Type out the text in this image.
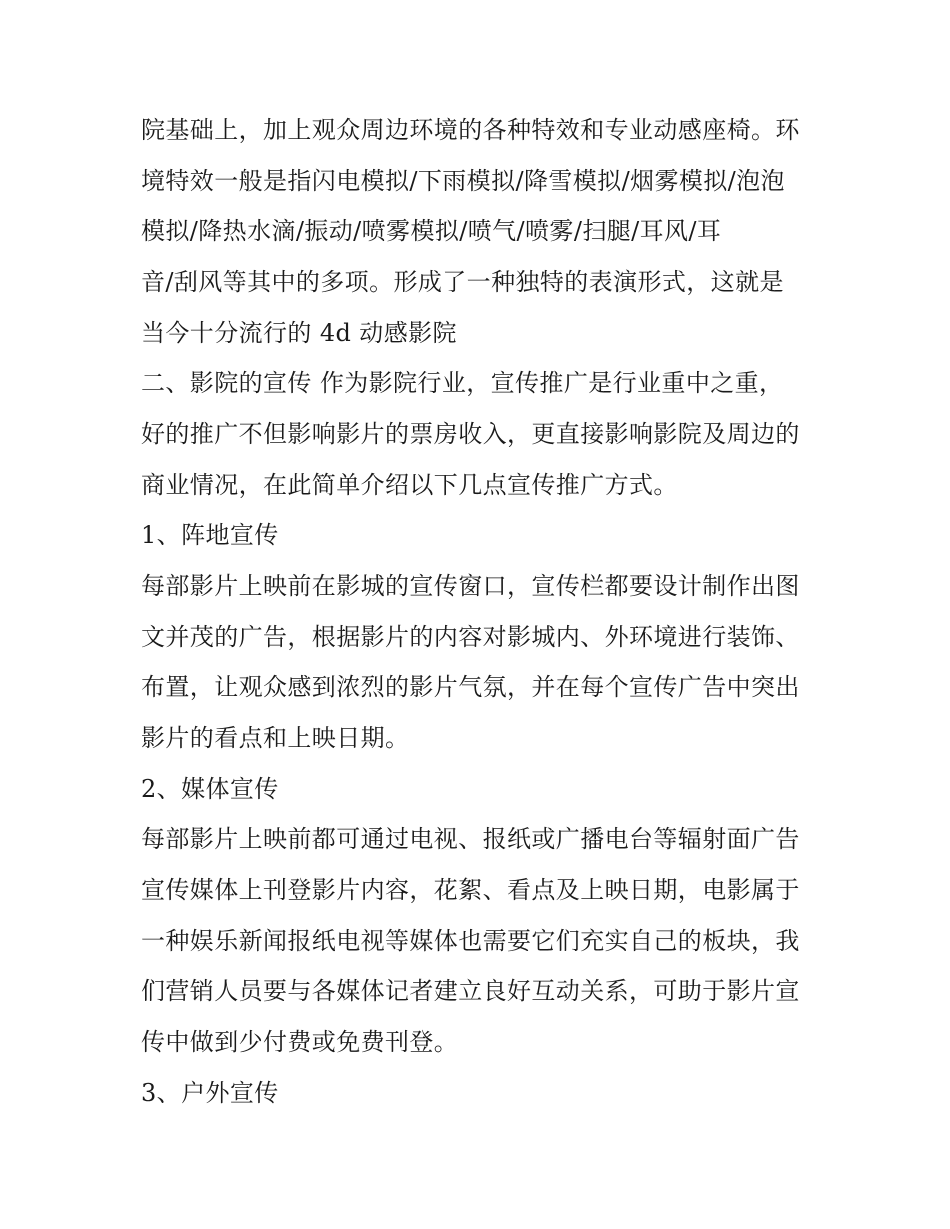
院基础上，加上观众周边环境的各种特效和专业动感座椅。环
境特效一般是指闪电模拟/下雨模拟/降雪模拟/烟雾模拟/泡泡
模拟/降热水滴/振动/喷雾模拟/喷气/喷雾/扫腿/耳风/耳
音/刮风等其中的多项。形成了一种独特的表演形式，这就是
当今十分流行的 4d 动感影院
二、影院的宣传 作为影院行业，宣传推广是行业重中之重，
好的推广不但影响影片的票房收入，更直接影响影院及周边的
商业情况，在此简单介绍以下几点宣传推广方式。
1、阵地宣传
每部影片上映前在影城的宣传窗口，宣传栏都要设计制作出图
文并茂的广告，根据影片的内容对影城内、外环境进行装饰、
布置，让观众感到浓烈的影片气氛，并在每个宣传广告中突出
影片的看点和上映日期。
2、媒体宣传
每部影片上映前都可通过电视、报纸或广播电台等辐射面广告
宣传媒体上刊登影片内容，花絮、看点及上映日期，电影属于
一种娱乐新闻报纸电视等媒体也需要它们充实自己的板块，我
们营销人员要与各媒体记者建立良好互动关系，可助于影片宣
传中做到少付费或免费刊登。
3、户外宣传
